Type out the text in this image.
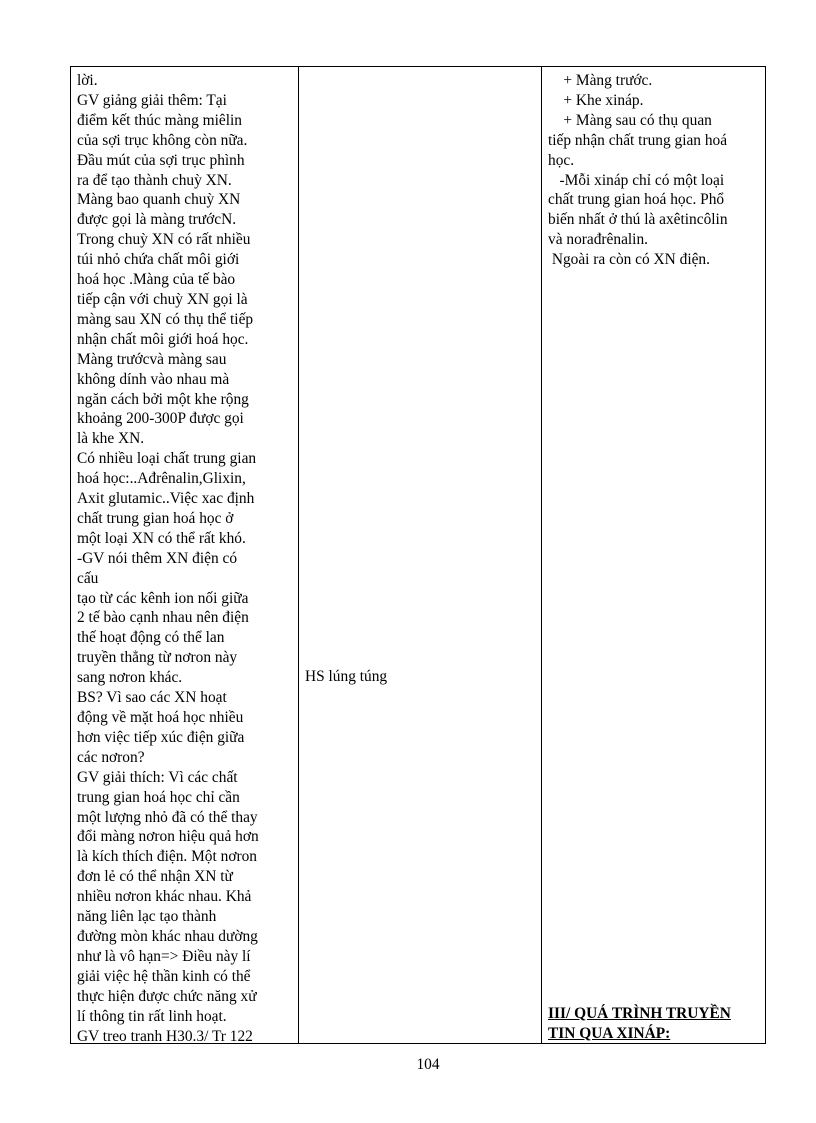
lời.
GV giảng giải thêm: Tại
điểm kết thúc màng miêlin
của sợi trục không còn nữa.
Đầu mút của sợi trục phình
ra để tạo thành chuỳ XN.
Màng bao quanh chuỳ XN
được gọi là màng trướcN.
Trong chuỳ XN có rất nhiều
túi nhỏ chứa chất môi giới
hoá học .Màng của tế bào
tiếp cận với chuỳ XN gọi là
màng sau XN có thụ thể tiếp
nhận chất môi giới hoá học.
Màng trướcvà màng sau
không dính vào nhau mà
ngăn cách bởi một khe rộng
khoảng 200-300P được gọi
là khe XN.
Có nhiều loại chất trung gian
hoá học:..Ađrênalin,Glixin,
Axit glutamic..Việc xac định
chất trung gian hoá học ở
một loại XN có thể rất khó.
-GV nói thêm XN điện có
cấu
tạo từ các kênh ion nối giữa
2 tế bào cạnh nhau nên điện
thế hoạt động có thể lan
truyền thẳng từ nơron này
sang nơron khác.
BS? Vì sao các XN hoạt
động về mặt hoá học nhiều
hơn việc tiếp xúc điện giữa
các nơron?
GV giải thích: Vì các chất
trung gian hoá học chỉ cần
một lượng nhỏ đã có thể thay
đổi màng nơron hiệu quả hơn
là kích thích điện. Một nơron
đơn lẻ có thể nhận XN từ
nhiều nơron khác nhau. Khả
năng liên lạc tạo thành
đường mòn khác nhau dường
như là vô hạn=> Điều này lí
giải việc hệ thần kinh có thể
thực hiện được chức năng xử
lí thông tin rất linh hoạt.
GV treo tranh H30.3/ Tr 122
HS lúng túng
+ Màng trước.
+ Khe xináp.
+ Màng sau có thụ quan
tiếp nhận chất trung gian hoá
học.
-Mỗi xináp chỉ có một loại
chất trung gian hoá học. Phổ
biến nhất ở thú là axêtincôlin
và norađrênalin.
Ngoài ra còn có XN điện.
III/ QUÁ TRÌNH TRUYỀN
TIN QUA XINÁP:
104
